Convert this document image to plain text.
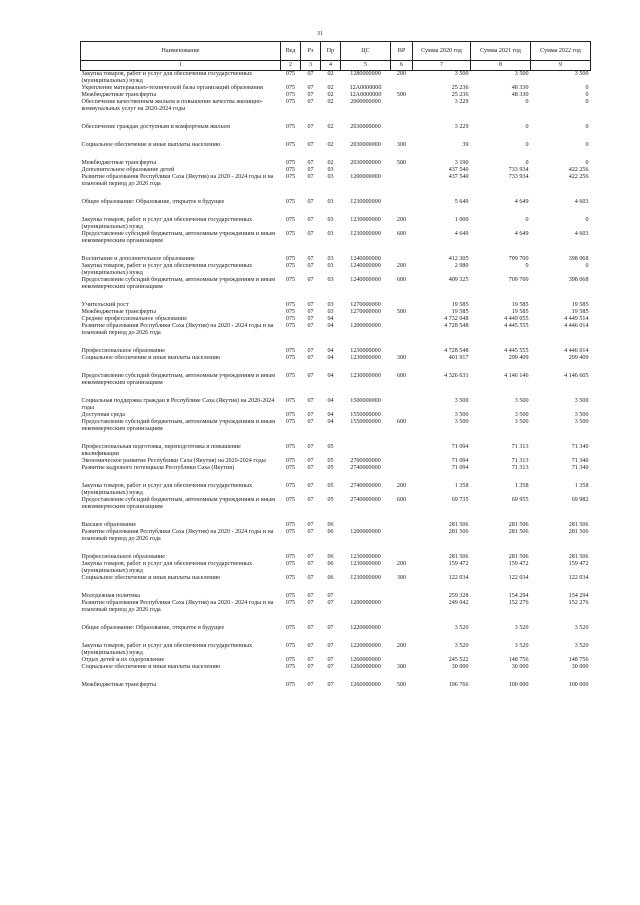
31
Наименование	Вед	Рз	Пр	ЦС	ВР	Сумма 2020 год	Сумма 2021 год	Сумма 2022 год
1	2	3	4	5	6	7	8	9
Закупка товаров, работ и услуг для обеспечения государственных (муниципальных) нужд	075	07	02	1280000000	200	3 500	3 500	3 500
Укрепление материально-технической базы организаций образования	075	07	02	12А0000000		25 236	48 330	0
Межбюджетные трансферты	075	07	02	12А0000000	500	25 236	48 330	0
Обеспечение качественным жильем и повышение качества жилищно-коммунальных услуг на 2020-2024 годы	075	07	02	2000000000		3 229	0	0

Обеспечение граждан доступным и комфортным жильем	075	07	02	2030000000		3 229	0	0

Социальное обеспечение и иные выплаты населению	075	07	02	2030000000	300	39	0	0

Межбюджетные трансферты	075	07	02	2030000000	500	3 190	0	0
Дополнительное образование детей	075	07	03			437 540	733 934	422 256
Развитие образования Республики Саха (Якутия) на 2020 - 2024 годы и на плановый период до 2026 года	075	07	03	1200000000		437 540	733 934	422 256

Общее образование: Образование, открытое в будущее	075	07	03	1230000000		5 649	4 649	4 603

Закупка товаров, работ и услуг для обеспечения государственных (муниципальных) нужд	075	07	03	1230000000	200	1 000	0	0
Предоставление субсидий бюджетным, автономным учреждениям и иным некоммерческим организациям	075	07	03	1230000000	600	4 649	4 649	4 603

Воспитание и дополнительное образование	075	07	03	1240000000		412 305	709 700	398 068
Закупка товаров, работ и услуг для обеспечения государственных (муниципальных) нужд	075	07	03	1240000000	200	2 980	0	0
Предоставление субсидий бюджетным, автономным учреждениям и иным некоммерческим организациям	075	07	03	1240000000	600	409 325	709 700	398 068

Учительский рост	075	07	03	1270000000		19 585	19 585	19 585
Межбюджетные трансферты	075	07	03	1270000000	500	19 585	19 585	19 585
Среднее профессиональное образование	075	07	04			4 732 048	4 449 055	4 449 514
Развитие образования Республики Саха (Якутия) на 2020 - 2024 годы и на плановый период до 2026 года	075	07	04	1200000000		4 728 548	4 445 555	4 446 014

Профессиональное образование	075	07	04	1230000000		4 728 548	4 445 555	4 446 014
Социальное обеспечение и иные выплаты населению	075	07	04	1230000000	300	401 917	299 409	299 409

Предоставление субсидий бюджетным, автономным учреждениям и иным некоммерческим организациям	075	07	04	1230000000	600	4 326 631	4 146 146	4 146 605

Социальная поддержка граждан в Республике Саха (Якутия) на 2020-2024 годы	075	07	04	1500000000		3 500	3 500	3 500
Доступная среда	075	07	04	1550000000		3 500	3 500	3 500
Предоставление субсидий бюджетным, автономным учреждениям и иным некоммерческим организациям	075	07	04	1550000000	600	3 500	3 500	3 500

Профессиональная подготовка, переподготовка и повышение квалификации	075	07	05			71 094	71 313	71 340
Экономическое развитие Республики Саха (Якутия) на 2020-2024 годы	075	07	05	2700000000		71 094	71 313	71 340
Развитие кадрового потенциала Республики Саха (Якутия)	075	07	05	2740000000		71 094	71 313	71 340

Закупка товаров, работ и услуг для обеспечения государственных (муниципальных) нужд	075	07	05	2740000000	200	1 358	1 358	1 358
Предоставление субсидий бюджетным, автономным учреждениям и иным некоммерческим организациям	075	07	05	2740000000	600	69 735	69 955	69 982

Высшее образование	075	07	06			281 506	281 506	281 506
Развитие образования Республики Саха (Якутия) на 2020 - 2024 годы и на плановый период до 2026 года	075	07	06	1200000000		281 506	281 506	281 506

Профессиональное образование	075	07	06	1230000000		281 506	281 506	281 506
Закупка товаров, работ и услуг для обеспечения государственных (муниципальных) нужд	075	07	06	1230000000	200	159 472	159 472	159 472
Социальное обеспечение и иные выплаты населению	075	07	06	1230000000	300	122 034	122 034	122 034

Молодежная политика	075	07	07			259 328	154 294	154 294
Развитие образования Республики Саха (Якутия) на 2020 - 2024 годы и на плановый период до 2026 года	075	07	07	1200000000		249 042	152 276	152 276

Общее образование: Образование, открытое в будущее	075	07	07	1220000000		3 520	3 520	3 520

Закупка товаров, работ и услуг для обеспечения государственных (муниципальных) нужд	075	07	07	1220000000	200	3 520	3 520	3 520
Отдых детей и их оздоровление	075	07	07	1260000000		245 522	148 756	148 756
Социальное обеспечение и иные выплаты населению	075	07	07	1260000000	300	30 000	30 000	30 000

Межбюджетные трансферты	075	07	07	1260000000	500	196 766	100 000	100 000
